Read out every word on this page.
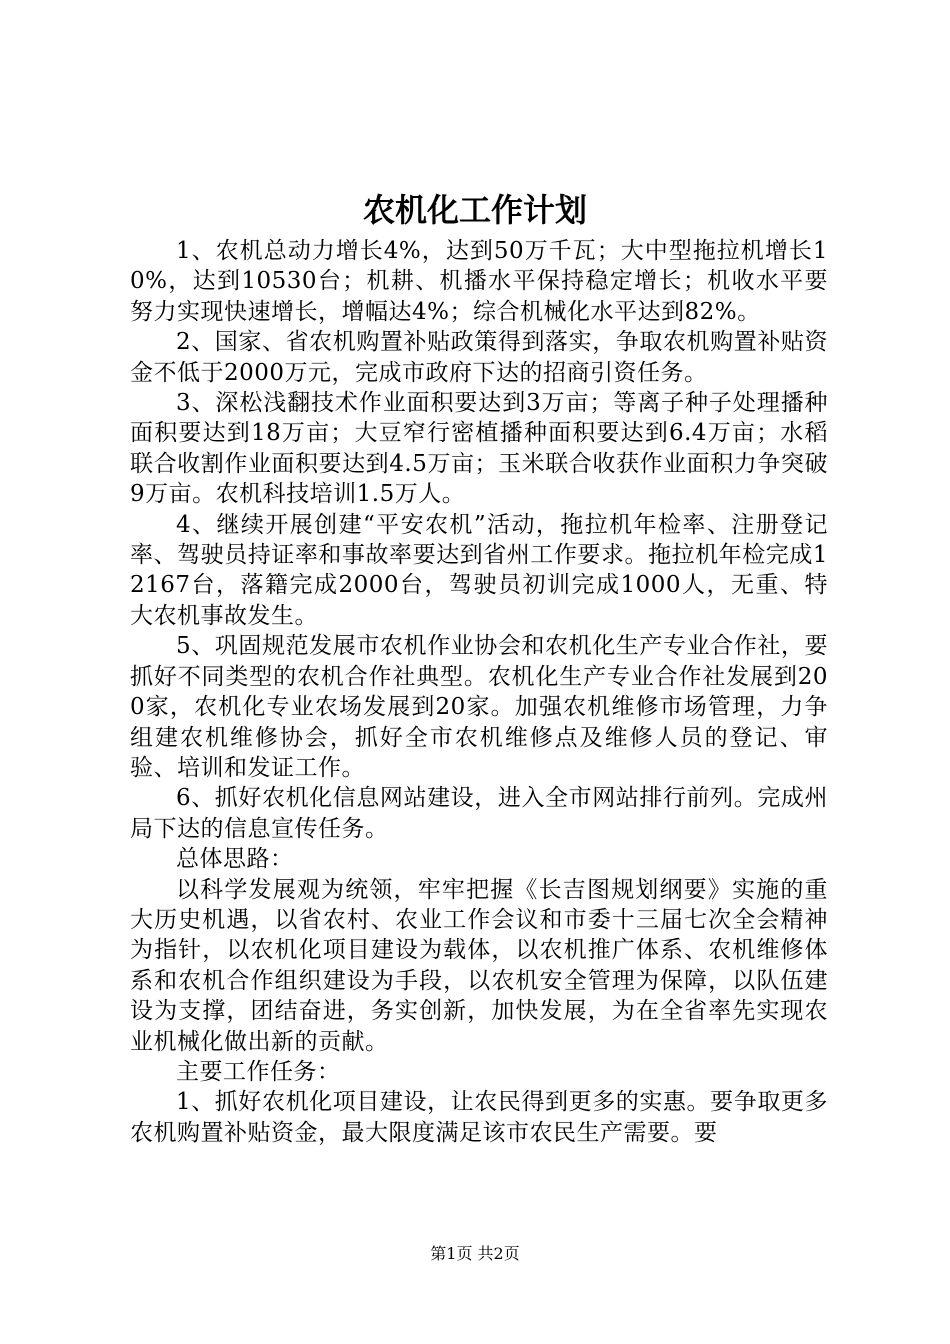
农机化工作计划

1、农机总动力增长4%，达到50万千瓦；大中型拖拉机增长10%，达到10530台；机耕、机播水平保持稳定增长；机收水平要努力实现快速增长，增幅达4%；综合机械化水平达到82%。

2、国家、省农机购置补贴政策得到落实，争取农机购置补贴资金不低于2000万元，完成市政府下达的招商引资任务。

3、深松浅翻技术作业面积要达到3万亩；等离子种子处理播种面积要达到18万亩；大豆窄行密植播种面积要达到6.4万亩；水稻联合收割作业面积要达到4.5万亩；玉米联合收获作业面积力争突破9万亩。农机科技培训1.5万人。

4、继续开展创建“平安农机”活动，拖拉机年检率、注册登记率、驾驶员持证率和事故率要达到省州工作要求。拖拉机年检完成12167台，落籍完成2000台，驾驶员初训完成1000人，无重、特大农机事故发生。

5、巩固规范发展市农机作业协会和农机化生产专业合作社，要抓好不同类型的农机合作社典型。农机化生产专业合作社发展到200家，农机化专业农场发展到20家。加强农机维修市场管理，力争组建农机维修协会，抓好全市农机维修点及维修人员的登记、审验、培训和发证工作。

6、抓好农机化信息网站建设，进入全市网站排行前列。完成州局下达的信息宣传任务。

总体思路：

以科学发展观为统领，牢牢把握《长吉图规划纲要》实施的重大历史机遇，以省农村、农业工作会议和市委十三届七次全会精神为指针，以农机化项目建设为载体，以农机推广体系、农机维修体系和农机合作组织建设为手段，以农机安全管理为保障，以队伍建设为支撑，团结奋进，务实创新，加快发展，为在全省率先实现农业机械化做出新的贡献。

主要工作任务：

1、抓好农机化项目建设，让农民得到更多的实惠。要争取更多农机购置补贴资金，最大限度满足该市农民生产需要。要

第1页 共2页
